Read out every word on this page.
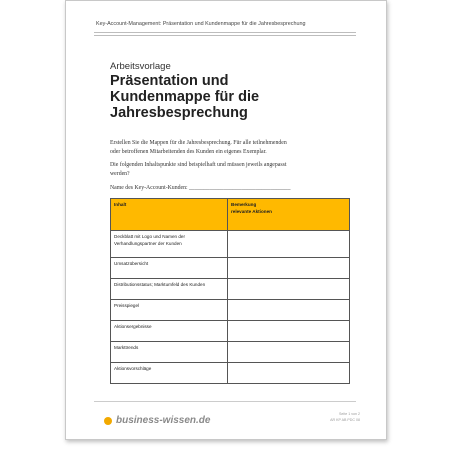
Key-Account-Management: Präsentation und Kundenmappe für die Jahresbesprechung
Arbeitsvorlage
Präsentation und
Kundenmappe für die
Jahresbesprechung
Erstellen Sie die Mappen für die Jahresbesprechung. Für alle teilnehmenden
oder betroffenen Mitarbeitenden des Kunden ein eigenes Exemplar.
Die folgenden Inhaltspunkte sind beispielhaft und müssen jeweils angepasst
werden?
Name des Key-Account-Kunden: ___________________________________
Inhalt	Bemerkung
relevante Aktionen

Deckblatt mit Logo und Namen der Verhandlungspartner der Kunden	
Umsatzübersicht	
Distributionsstatus; Marktumfeld des Kunden	
Preisspiegel	
Aktionsergebnisse	
Markttrends	
Aktionsvorschläge	
business-wissen.de
Seite 1 von 2
AR KP AB PDC 08
